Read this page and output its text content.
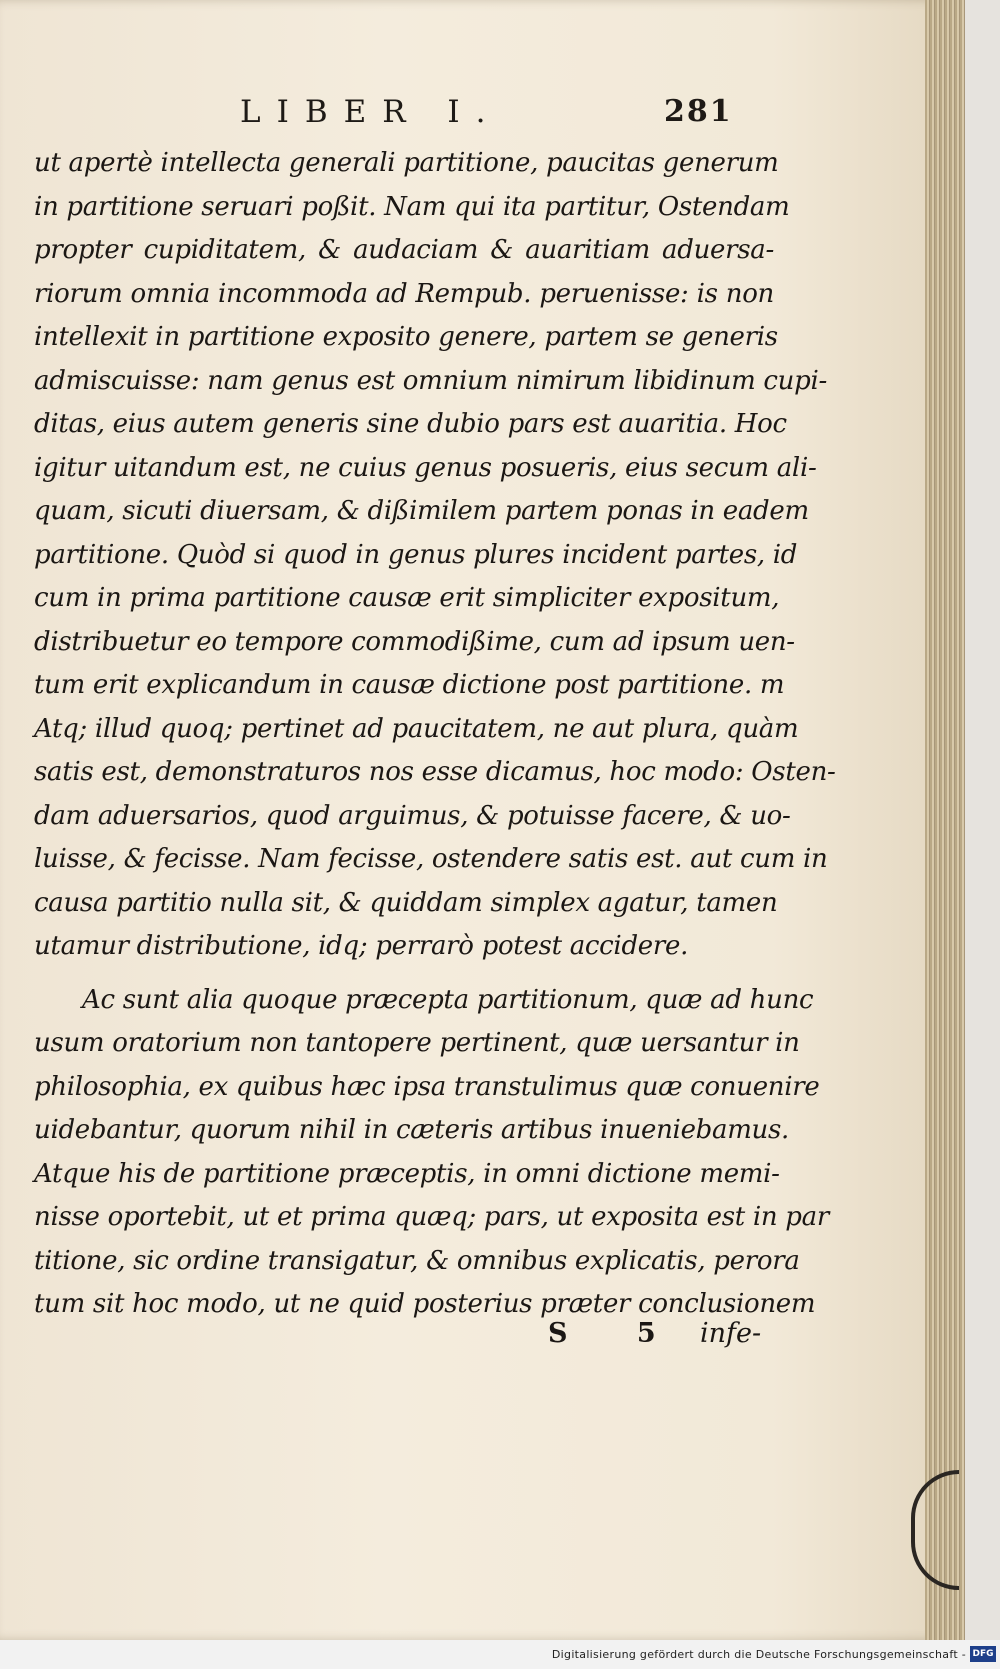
LIBER I.	281
ut apertè intellecta generali partitione, paucitas generum
in partitione seruari poßit. Nam qui ita partitur, Ostendam
propter cupiditatem, & audaciam & auaritiam aduersa-
riorum omnia incommoda ad Rempub. peruenisse: is non
intellexit in partitione exposito genere, partem se generis
admiscuisse: nam genus est omnium nimirum libidinum cupi-
ditas, eius autem generis sine dubio pars est auaritia. Hoc
igitur uitandum est, ne cuius genus posueris, eius secum ali-
quam, sicuti diuersam, & dißimilem partem ponas in eadem
partitione. Quòd si quod in genus plures incident partes, id
cum in prima partitione causæ erit simpliciter expositum,
distribuetur eo tempore commodißime, cum ad ipsum uen-
tum erit explicandum in causæ dictione post partitione. m
Atq; illud quoq; pertinet ad paucitatem, ne aut plura, quàm
satis est, demonstraturos nos esse dicamus, hoc modo: Osten-
dam aduersarios, quod arguimus, & potuisse facere, & uo-
luisse, & fecisse. Nam fecisse, ostendere satis est. aut cum in
causa partitio nulla sit, & quiddam simplex agatur, tamen
utamur distributione, idq; perrarò potest accidere.
Ac sunt alia quoque præcepta partitionum, quæ ad hunc
usum oratorium non tantopere pertinent, quæ uersantur in
philosophia, ex quibus hæc ipsa transtulimus quæ conuenire
uidebantur, quorum nihil in cæteris artibus inueniebamus.
Atque his de partitione præceptis, in omni dictione memi-
nisse oportebit, ut et prima quæq; pars, ut exposita est in par
titione, sic ordine transigatur, & omnibus explicatis, perora
tum sit hoc modo, ut ne quid posterius præter conclusionem
S 5 infe-
Digitalisierung gefördert durch die Deutsche Forschungsgemeinschaft - DFG
